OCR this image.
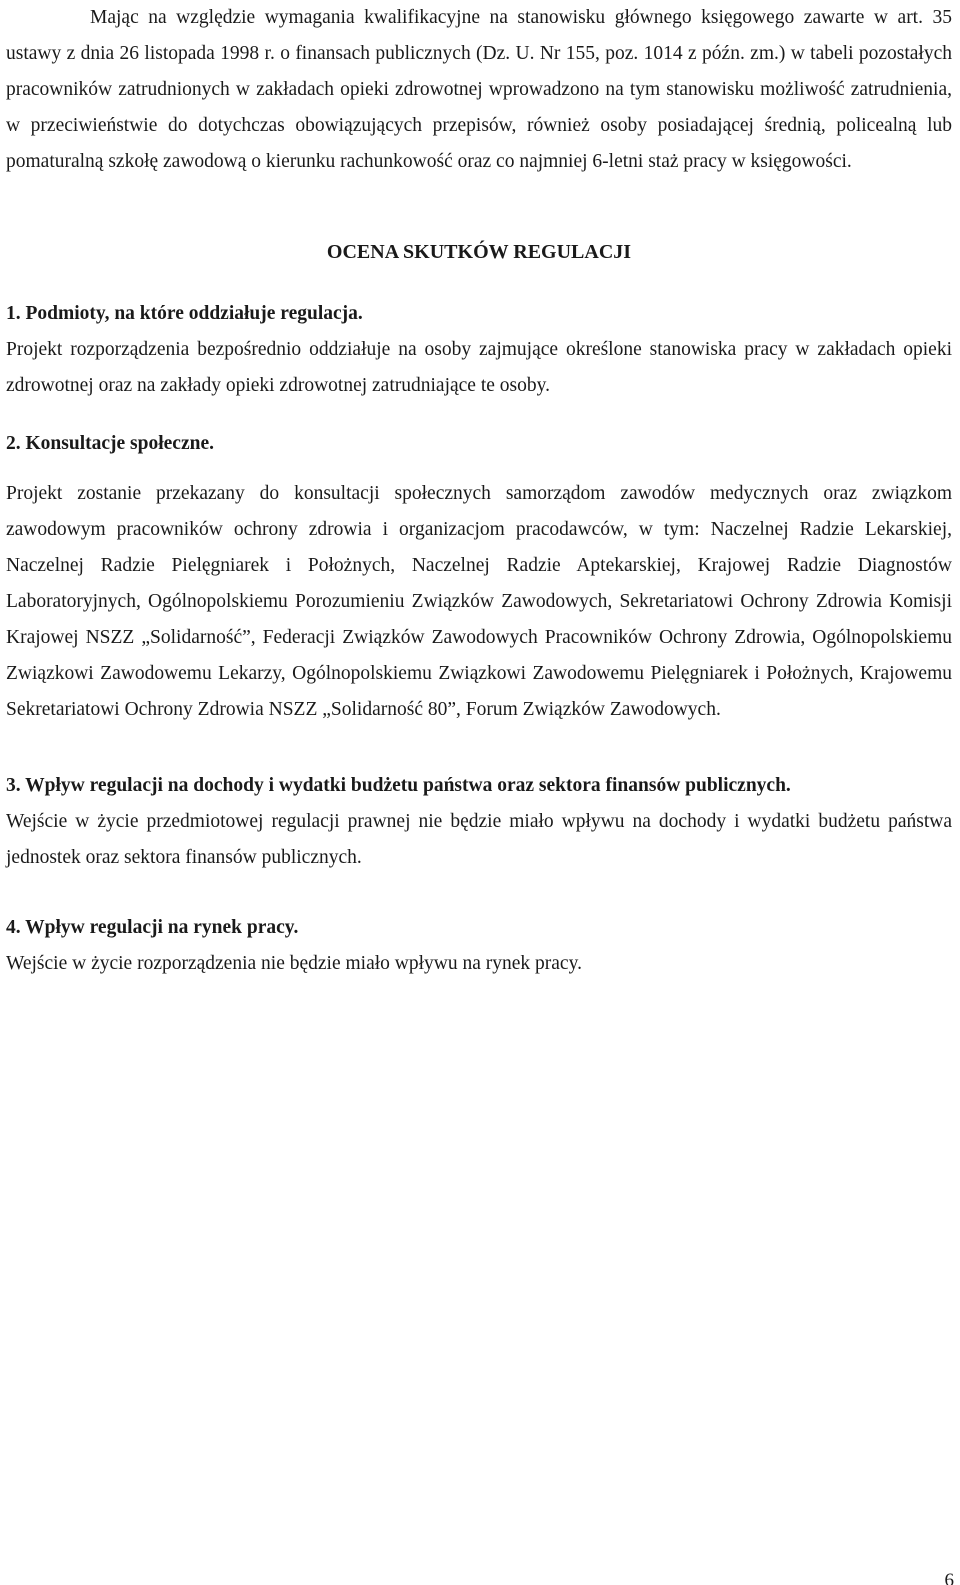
Mając na względzie wymagania kwalifikacyjne na stanowisku głównego księgowego zawarte w art. 35 ustawy z dnia 26 listopada 1998 r. o finansach publicznych (Dz. U. Nr 155, poz. 1014 z późn. zm.) w tabeli pozostałych pracowników zatrudnionych w zakładach opieki zdrowotnej wprowadzono na tym stanowisku możliwość zatrudnienia, w przeciwieństwie do dotychczas obowiązujących przepisów, również osoby posiadającej średnią, policealną lub pomaturalną szkołę zawodową o kierunku rachunkowość oraz co najmniej 6-letni staż pracy w księgowości.

OCENA SKUTKÓW REGULACJI
1. Podmioty, na które oddziałuje regulacja.

Projekt rozporządzenia bezpośrednio oddziałuje na osoby zajmujące określone stanowiska pracy w zakładach opieki zdrowotnej oraz na zakłady opieki zdrowotnej zatrudniające te osoby.

2. Konsultacje społeczne.

Projekt zostanie przekazany do konsultacji społecznych samorządom zawodów medycznych oraz związkom zawodowym pracowników ochrony zdrowia i organizacjom pracodawców, w tym: Naczelnej Radzie Lekarskiej, Naczelnej Radzie Pielęgniarek i Położnych, Naczelnej Radzie Aptekarskiej, Krajowej Radzie Diagnostów Laboratoryjnych, Ogólnopolskiemu Porozumieniu Związków Zawodowych, Sekretariatowi Ochrony Zdrowia Komisji Krajowej NSZZ „Solidarność”, Federacji Związków Zawodowych Pracowników Ochrony Zdrowia, Ogólnopolskiemu Związkowi Zawodowemu Lekarzy, Ogólnopolskiemu Związkowi Zawodowemu Pielęgniarek i Położnych, Krajowemu Sekretariatowi Ochrony Zdrowia NSZZ „Solidarność 80”, Forum Związków Zawodowych.

3. Wpływ regulacji na dochody i wydatki budżetu państwa oraz sektora finansów publicznych.

Wejście w życie przedmiotowej regulacji prawnej nie będzie miało wpływu na dochody i wydatki budżetu państwa jednostek oraz sektora finansów publicznych.

4. Wpływ regulacji na rynek pracy.

Wejście w życie rozporządzenia nie będzie miało wpływu na rynek pracy.

6
